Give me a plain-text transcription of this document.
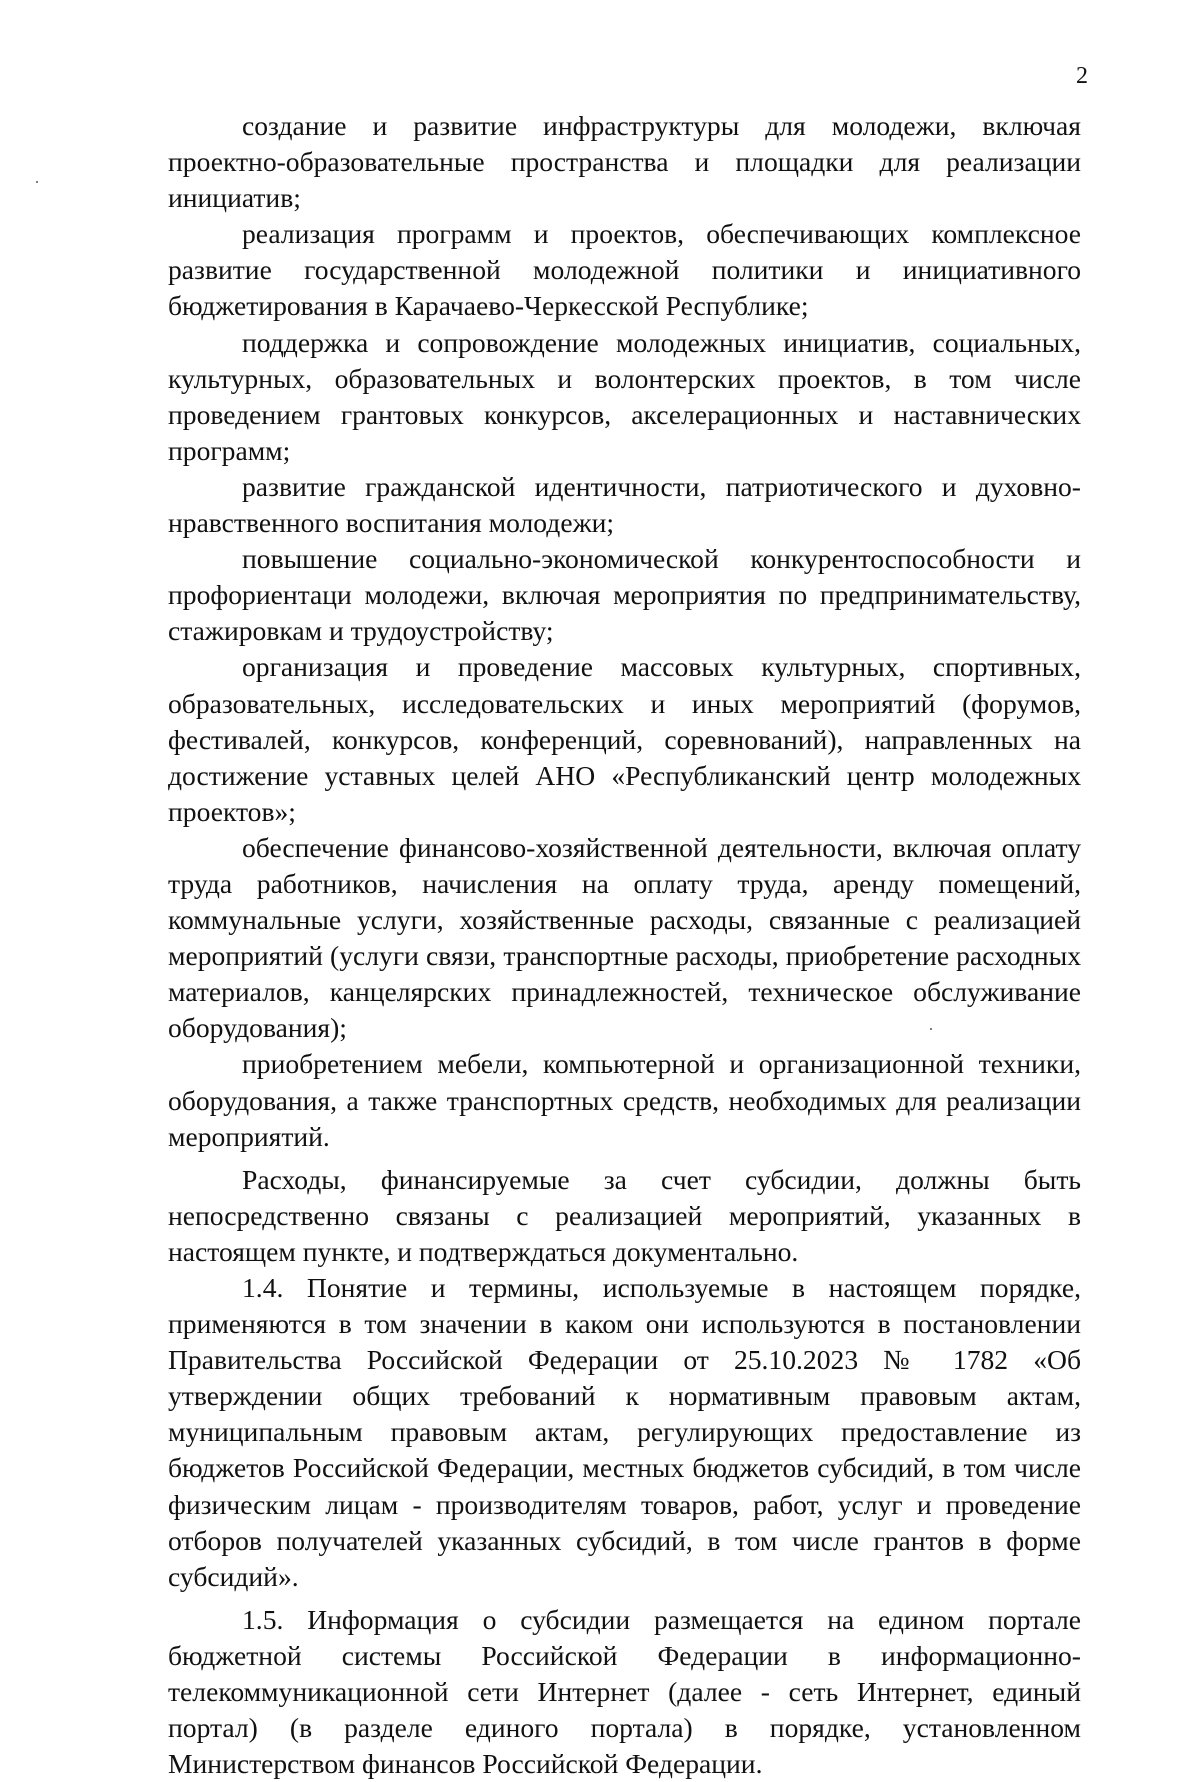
2

создание и развитие инфраструктуры для молодежи, включая проектно-образовательные пространства и площадки для реализации инициатив;

реализация программ и проектов, обеспечивающих комплексное развитие государственной молодежной политики и инициативного бюджетирования в Карачаево-Черкесской Республике;

поддержка и сопровождение молодежных инициатив, социальных, культурных, образовательных и волонтерских проектов, в том числе проведением грантовых конкурсов, акселерационных и наставнических программ;

развитие гражданской идентичности, патриотического и духовно-нравственного воспитания молодежи;

повышение социально-экономической конкурентоспособности и профориентаци молодежи, включая мероприятия по предпринимательству, стажировкам и трудоустройству;

организация и проведение массовых культурных, спортивных, образовательных, исследовательских и иных мероприятий (форумов, фестивалей, конкурсов, конференций, соревнований), направленных на достижение уставных целей АНО «Республиканский центр молодежных проектов»;

обеспечение финансово-хозяйственной деятельности, включая оплату труда работников, начисления на оплату труда, аренду помещений, коммунальные услуги, хозяйственные расходы, связанные с реализацией мероприятий (услуги связи, транспортные расходы, приобретение расходных материалов, канцелярских принадлежностей, техническое обслуживание оборудования);

приобретением мебели, компьютерной и организационной техники, оборудования, а также транспортных средств, необходимых для реализации мероприятий.

Расходы, финансируемые за счет субсидии, должны быть непосредственно связаны с реализацией мероприятий, указанных в настоящем пункте, и подтверждаться документально.

1.4. Понятие и термины, используемые в настоящем порядке, применяются в том значении в каком они используются в постановлении Правительства Российской Федерации от 25.10.2023 № 1782 «Об утверждении общих требований к нормативным правовым актам, муниципальным правовым актам, регулирующих предоставление из бюджетов Российской Федерации, местных бюджетов субсидий, в том числе физическим лицам - производителям товаров, работ, услуг и проведение отборов получателей указанных субсидий, в том числе грантов в форме субсидий».

1.5. Информация о субсидии размещается на едином портале бюджетной системы Российской Федерации в информационно-телекоммуникационной сети Интернет (далее - сеть Интернет, единый портал) (в разделе единого портала) в порядке, установленном Министерством финансов Российской Федерации.
